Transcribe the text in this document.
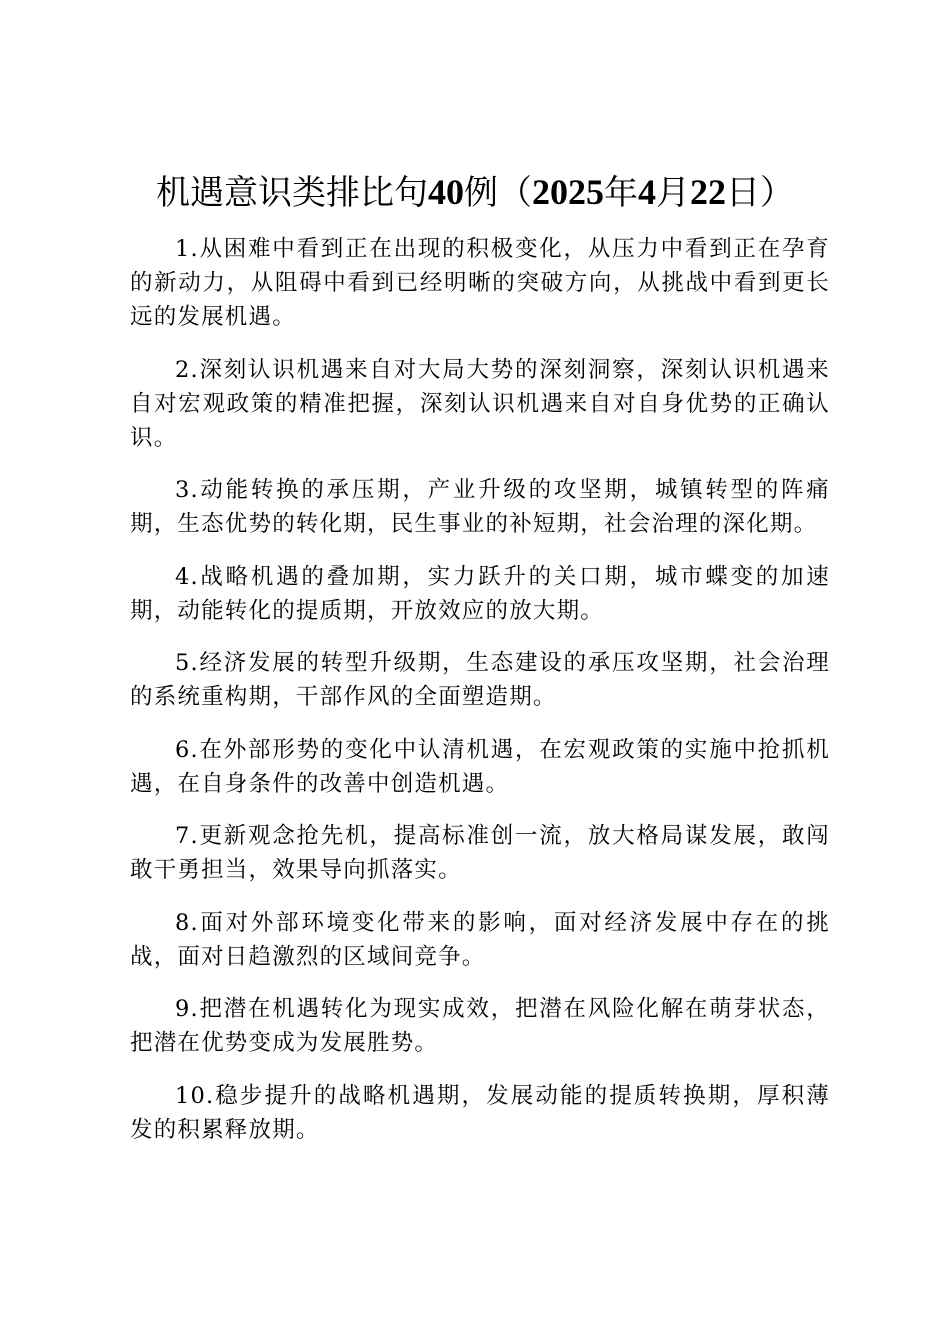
机遇意识类排比句40例（2025年4月22日）

1.从困难中看到正在出现的积极变化，从压力中看到正在孕育的新动力，从阻碍中看到已经明晰的突破方向，从挑战中看到更长远的发展机遇。

2.深刻认识机遇来自对大局大势的深刻洞察，深刻认识机遇来自对宏观政策的精准把握，深刻认识机遇来自对自身优势的正确认识。

3.动能转换的承压期，产业升级的攻坚期，城镇转型的阵痛期，生态优势的转化期，民生事业的补短期，社会治理的深化期。

4.战略机遇的叠加期，实力跃升的关口期，城市蝶变的加速期，动能转化的提质期，开放效应的放大期。

5.经济发展的转型升级期，生态建设的承压攻坚期，社会治理的系统重构期，干部作风的全面塑造期。

6.在外部形势的变化中认清机遇，在宏观政策的实施中抢抓机遇，在自身条件的改善中创造机遇。

7.更新观念抢先机，提高标准创一流，放大格局谋发展，敢闯敢干勇担当，效果导向抓落实。

8.面对外部环境变化带来的影响，面对经济发展中存在的挑战，面对日趋激烈的区域间竞争。

9.把潜在机遇转化为现实成效，把潜在风险化解在萌芽状态，把潜在优势变成为发展胜势。

10.稳步提升的战略机遇期，发展动能的提质转换期，厚积薄发的积累释放期。
